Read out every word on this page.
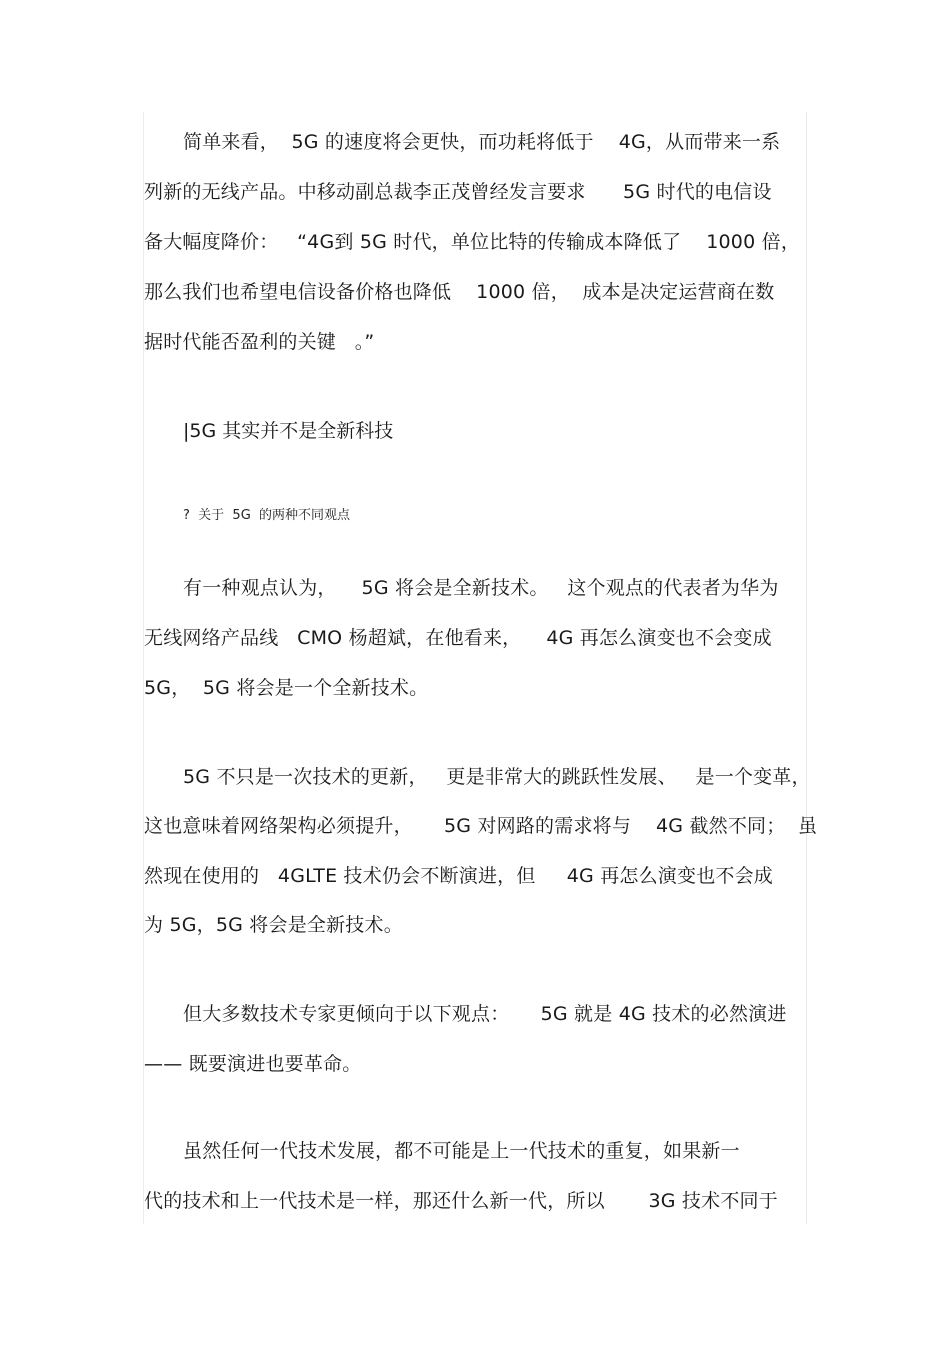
简单来看，  5G 的速度将会更快，而功耗将低于    4G，从而带来一系
列新的无线产品。中移动副总裁李正茂曾经发言要求      5G 时代的电信设
备大幅度降价：   “4G到 5G 时代，单位比特的传输成本降低了    1000 倍，
那么我们也希望电信设备价格也降低    1000 倍，  成本是决定运营商在数
据时代能否盈利的关键   。”
|5G 其实并不是全新科技
?  关于  5G  的两种不同观点
有一种观点认为，    5G 将会是全新技术。   这个观点的代表者为华为
无线网络产品线   CMO 杨超斌，在他看来，    4G 再怎么演变也不会变成
5G，  5G 将会是一个全新技术。
5G 不只是一次技术的更新，   更是非常大的跳跃性发展、   是一个变革，
这也意味着网络架构必须提升，     5G 对网路的需求将与    4G 截然不同；  虽
然现在使用的   4GLTE 技术仍会不断演进，但     4G 再怎么演变也不会成
为 5G，5G 将会是全新技术。
但大多数技术专家更倾向于以下观点：     5G 就是 4G 技术的必然演进
—— 既要演进也要革命。
虽然任何一代技术发展，都不可能是上一代技术的重复，如果新一
代的技术和上一代技术是一样，那还什么新一代，所以       3G 技术不同于
